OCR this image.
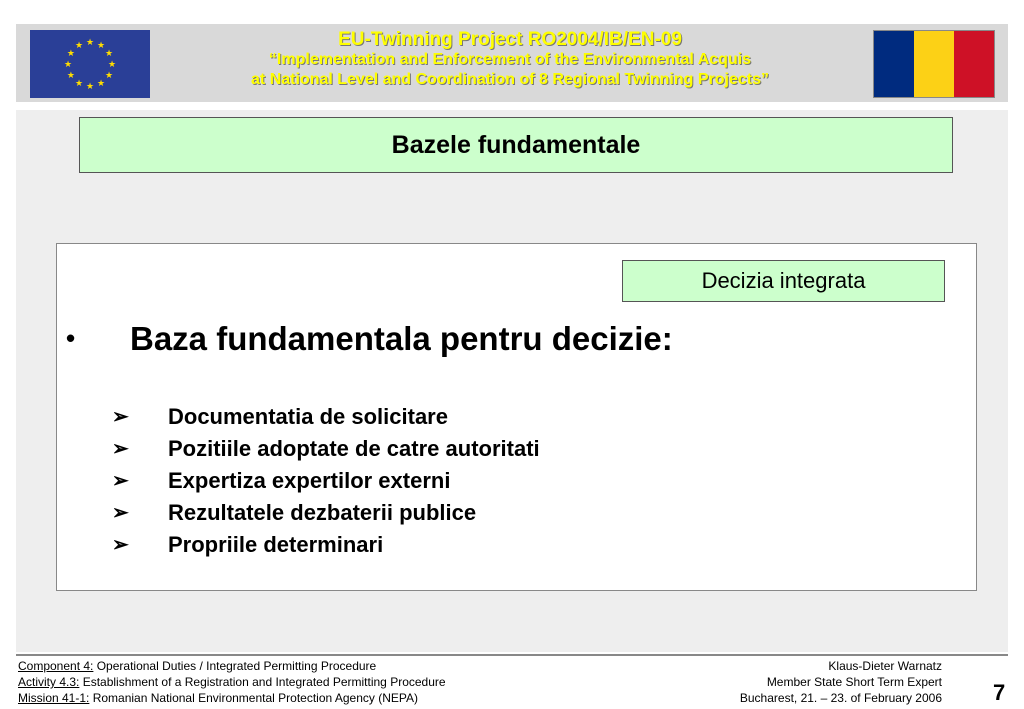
★ ★
★
★
★
★
★
★
★
★
★
★	EU-Twinning Project RO2004/IB/EN-09
“Implementation and Enforcement of the Environmental Acquis
at National Level and Coordination of 8 Regional Twinning Projects”
Bazele fundamentale
Decizia integrata
• Baza fundamentala pentru decizie:
➢ Documentatia de solicitare
➢ Pozitiile adoptate de catre autoritati
➢ Expertiza expertilor externi
➢ Rezultatele dezbaterii publice
➢ Propriile determinari
Component 4: Operational Duties / Integrated Permitting Procedure
Activity 4.3: Establishment of a Registration and Integrated Permitting Procedure
Mission 41-1: Romanian National Environmental Protection Agency (NEPA)
Klaus-Dieter Warnatz
Member State Short Term Expert
Bucharest, 21. – 23. of February 2006 7
